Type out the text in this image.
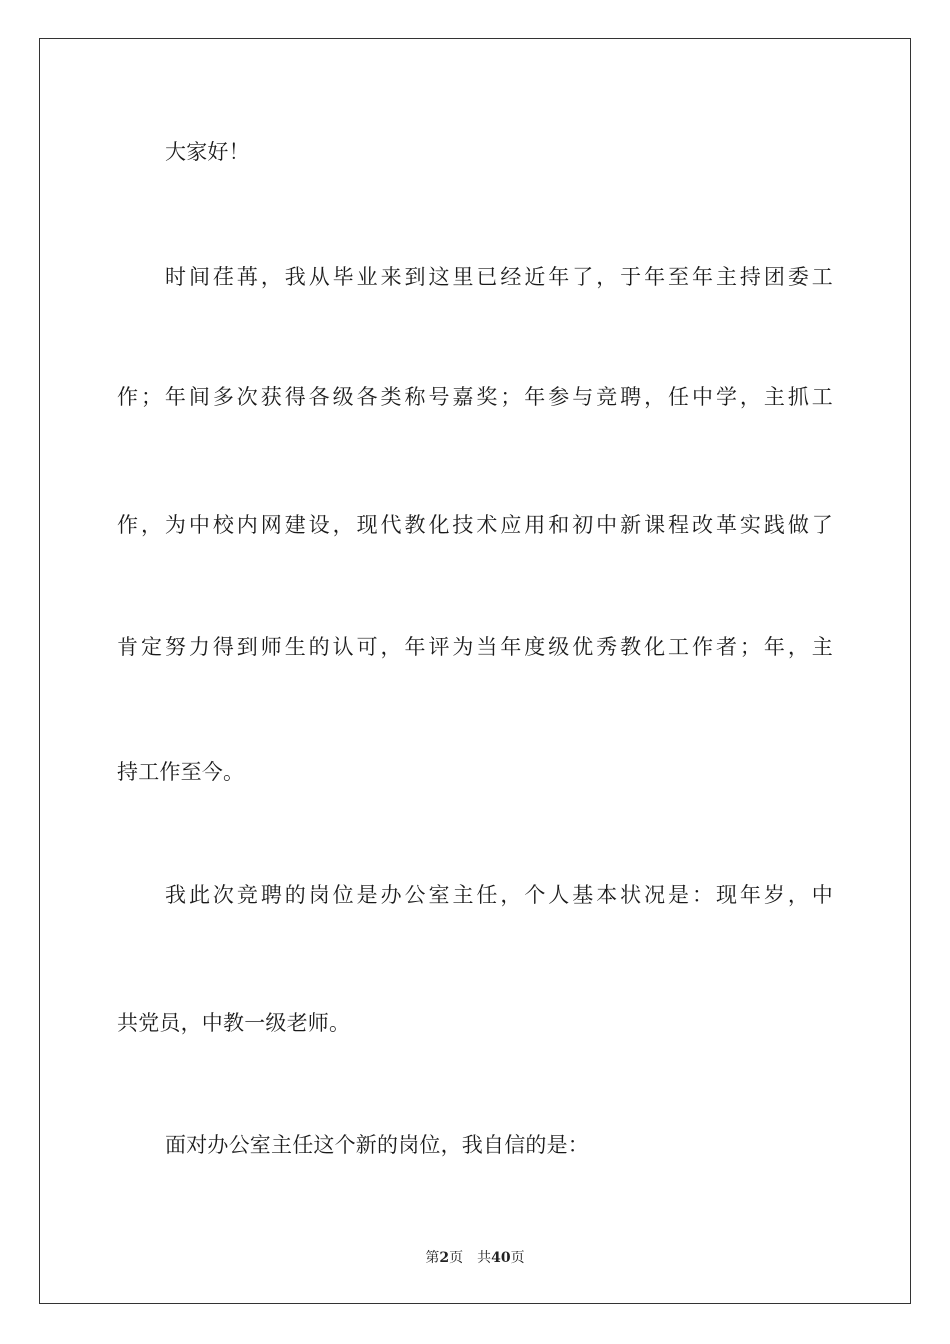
大家好！
时间荏苒，我从毕业来到这里已经近年了，于年至年主持团委工
作；年间多次获得各级各类称号嘉奖；年参与竞聘，任中学，主抓工
作，为中校内网建设，现代教化技术应用和初中新课程改革实践做了
肯定努力得到师生的认可，年评为当年度级优秀教化工作者；年，主
持工作至今。
我此次竞聘的岗位是办公室主任，个人基本状况是：现年岁，中
共党员，中教一级老师。
面对办公室主任这个新的岗位，我自信的是：
第2页 共40页
